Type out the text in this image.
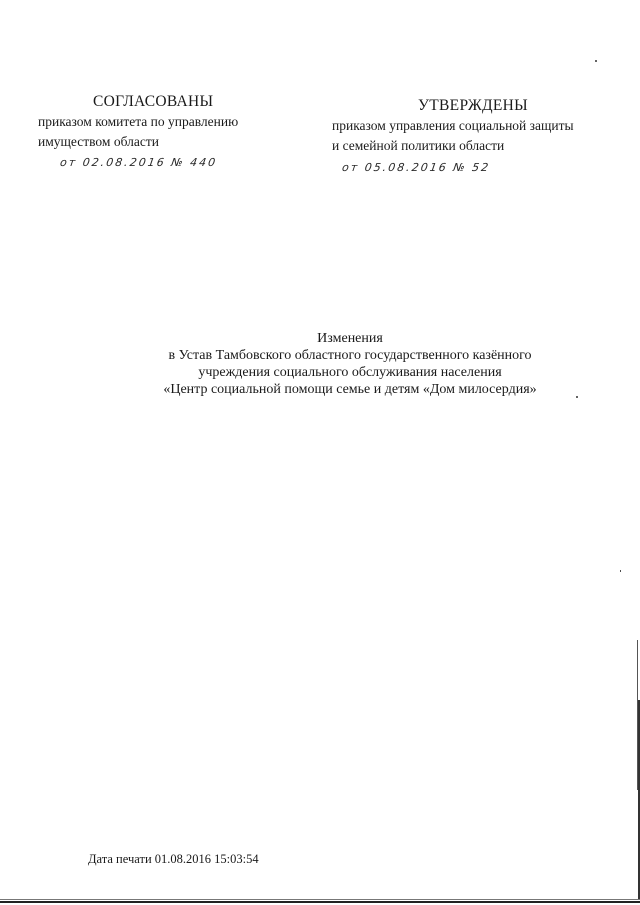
СОГЛАСОВАНЫ
приказом комитета по управлению
имуществом области
от 02.08.2016 № 440
УТВЕРЖДЕНЫ
приказом управления социальной защиты
и семейной политики области
от 05.08.2016 № 52
Изменения
в Устав Тамбовского областного государственного казённого
учреждения социального обслуживания населения
«Центр социальной помощи семье и детям «Дом милосердия»
Дата печати 01.08.2016 15:03:54
